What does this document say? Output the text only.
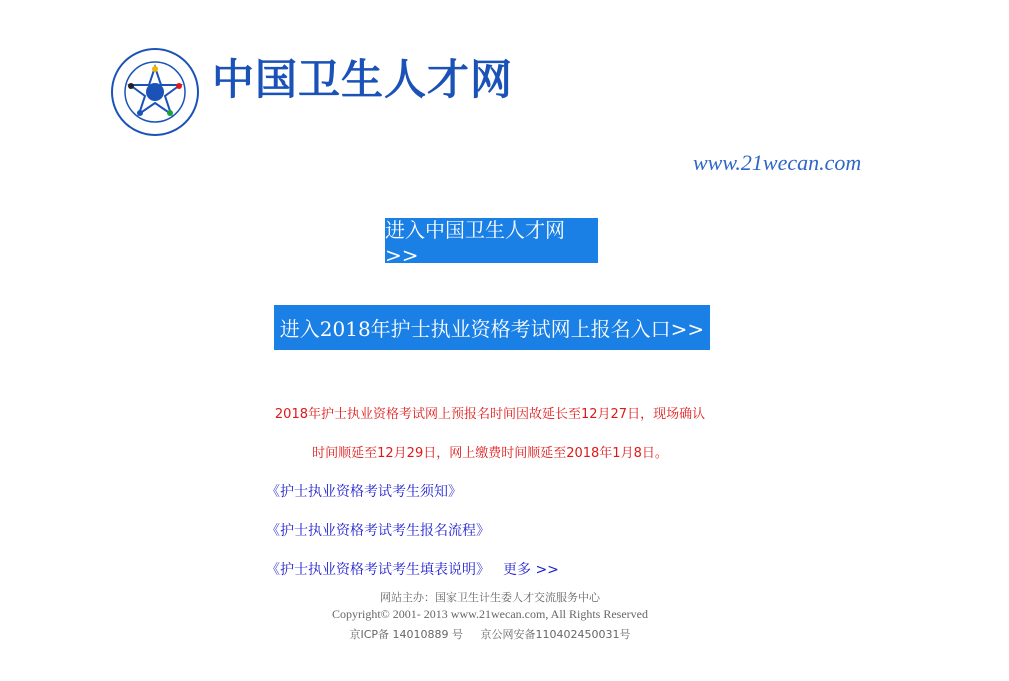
中国卫生人才网
www.21wecan.com
进入中国卫生人才网>>
进入2018年护士执业资格考试网上报名入口>>
2018年护士执业资格考试网上预报名时间因故延长至12月27日，现场确认
时间顺延至12月29日，网上缴费时间顺延至2018年1月8日。
《护士执业资格考试考生须知》
《护士执业资格考试考生报名流程》
《护士执业资格考试考生填表说明》 更多 >>
网站主办：国家卫生计生委人才交流服务中心
Copyright© 2001- 2013 www.21wecan.com, All Rights Reserved
京ICP备 14010889 号 京公网安备110402450031号
